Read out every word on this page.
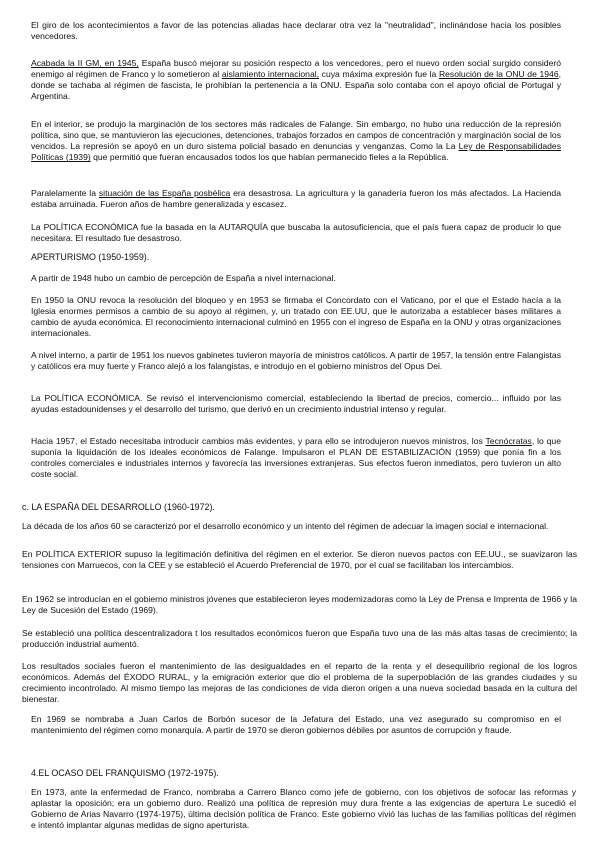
El giro de los acontecimientos a favor de las potencias aliadas hace declarar otra vez la "neutralidad", inclinándose hacia los posibles vencedores.

Acabada la II GM, en 1945, España buscó mejorar su posición respecto a los vencedores, pero el nuevo orden social surgido consideró enemigo al régimen de Franco y lo sometieron al aislamiento internacional, cuya máxima expresión fue la Resolución de la ONU de 1946, donde se tachaba al régimen de fascista, le prohibían la pertenencia a la ONU. España solo contaba con el apoyo oficial de Portugal y Argentina.

En el interior, se produjo la marginación de los sectores más radicales de Falange. Sin embargo, no hubo una reducción de la represión política, sino que, se mantuvieron las ejecuciones, detenciones, trabajos forzados en campos de concentración y marginación social de los vencidos. La represión se apoyó en un duro sistema policial basado en denuncias y venganzas. Como la La Ley de Responsabilidades Políticas (1939) que permitió que fueran encausados todos los que habían permanecido fieles a la República.

Paralelamente la situación de las España posbélica era desastrosa. La agricultura y la ganadería fueron los más afectados. La Hacienda estaba arruinada. Fueron años de hambre generalizada y escasez.

La POLÍTICA ECONÓMICA fue la basada en la AUTARQUÍA que buscaba la autosuficiencia, que el país fuera capaz de producir lo que necesitara. El resultado fue desastroso.

APERTURISMO (1950-1959).

A partir de 1948 hubo un cambio de percepción de España a nivel internacional.

En 1950 la ONU revoca la resolución del bloqueo y en 1953 se firmaba el Concordato con el Vaticano, por el que el Estado hacía a la Iglesia enormes permisos a cambio de su apoyo al régimen, y, un tratado con EE.UU, que le autorizaba a establecer bases militares a cambio de ayuda económica. El reconocimiento internacional culminó en 1955 con el ingreso de España en la ONU y otras organizaciones internacionales.

A nivel interno, a partir de 1951 los nuevos gabinetes tuvieron mayoría de ministros católicos. A partir de 1957, la tensión entre Falangistas y católicos era muy fuerte y Franco alejó a los falangistas, e introdujo en el gobierno ministros del Opus Dei.

La POLÍTICA ECONÓMICA. Se revisó el intervencionismo comercial, estableciendo la libertad de precios, comercio... influido por las ayudas estadounidenses y el desarrollo del turismo, que derivó en un crecimiento industrial intenso y regular.

Hacia 1957, el Estado necesitaba introducir cambios más evidentes, y para ello se introdujeron nuevos ministros, los Tecnócratas, lo que suponía la liquidación de los ideales económicos de Falange. Impulsaron el PLAN DE ESTABILIZACIÓN (1959) que ponía fin a los controles comerciales e industriales internos y favorecía las inversiones extranjeras. Sus efectos fueron inmediatos, pero tuvieron un alto coste social.

c. LA ESPAÑA DEL DESARROLLO (1960-1972).

La década de los años 60 se caracterizó por el desarrollo económico y un intento del régimen de adecuar la imagen social e internacional.

En POLÍTICA EXTERIOR supuso la legitimación definitiva del régimen en el exterior. Se dieron nuevos pactos con EE.UU., se suavizaron las tensiones con Marruecos, con la CEE y se estableció el Acuerdo Preferencial de 1970, por el cual se facilitaban los intercambios.

En 1962 se introducían en el gobierno ministros jóvenes que establecieron leyes modernizadoras como la Ley de Prensa e Imprenta de 1966 y la Ley de Sucesión del Estado (1969).

Se estableció una política descentralizadora t los resultados económicos fueron que España tuvo una de las más altas tasas de crecimiento; la producción industrial aumentó.

Los resultados sociales fueron el mantenimiento de las desigualdades en el reparto de la renta y el desequilibrio regional de los logros económicos. Además del ÉXODO RURAL, y la emigración exterior que dio el problema de la superpoblación de las grandes ciudades y su crecimiento incontrolado. Al mismo tiempo las mejoras de las condiciones de vida dieron origen a una nueva sociedad basada en la cultura del bienestar.

En 1969 se nombraba a Juan Carlos de Borbón sucesor de la Jefatura del Estado, una vez asegurado su compromiso en el mantenimiento del régimen como monarquía. A partir de 1970 se dieron gobiernos débiles por asuntos de corrupción y fraude.

4.EL OCASO DEL FRANQUISMO (1972-1975).

En 1973, ante la enfermedad de Franco, nombraba a Carrero Blanco como jefe de gobierno, con los objetivos de sofocar las reformas y aplastar la oposición; era un gobierno duro. Realizó una política de represión muy dura frente a las exigencias de apertura Le sucedió el Gobierno de Arias Navarro (1974-1975), última decisión política de Franco. Este gobierno vivió las luchas de las familias políticas del régimen e intentó implantar algunas medidas de signo aperturista.
